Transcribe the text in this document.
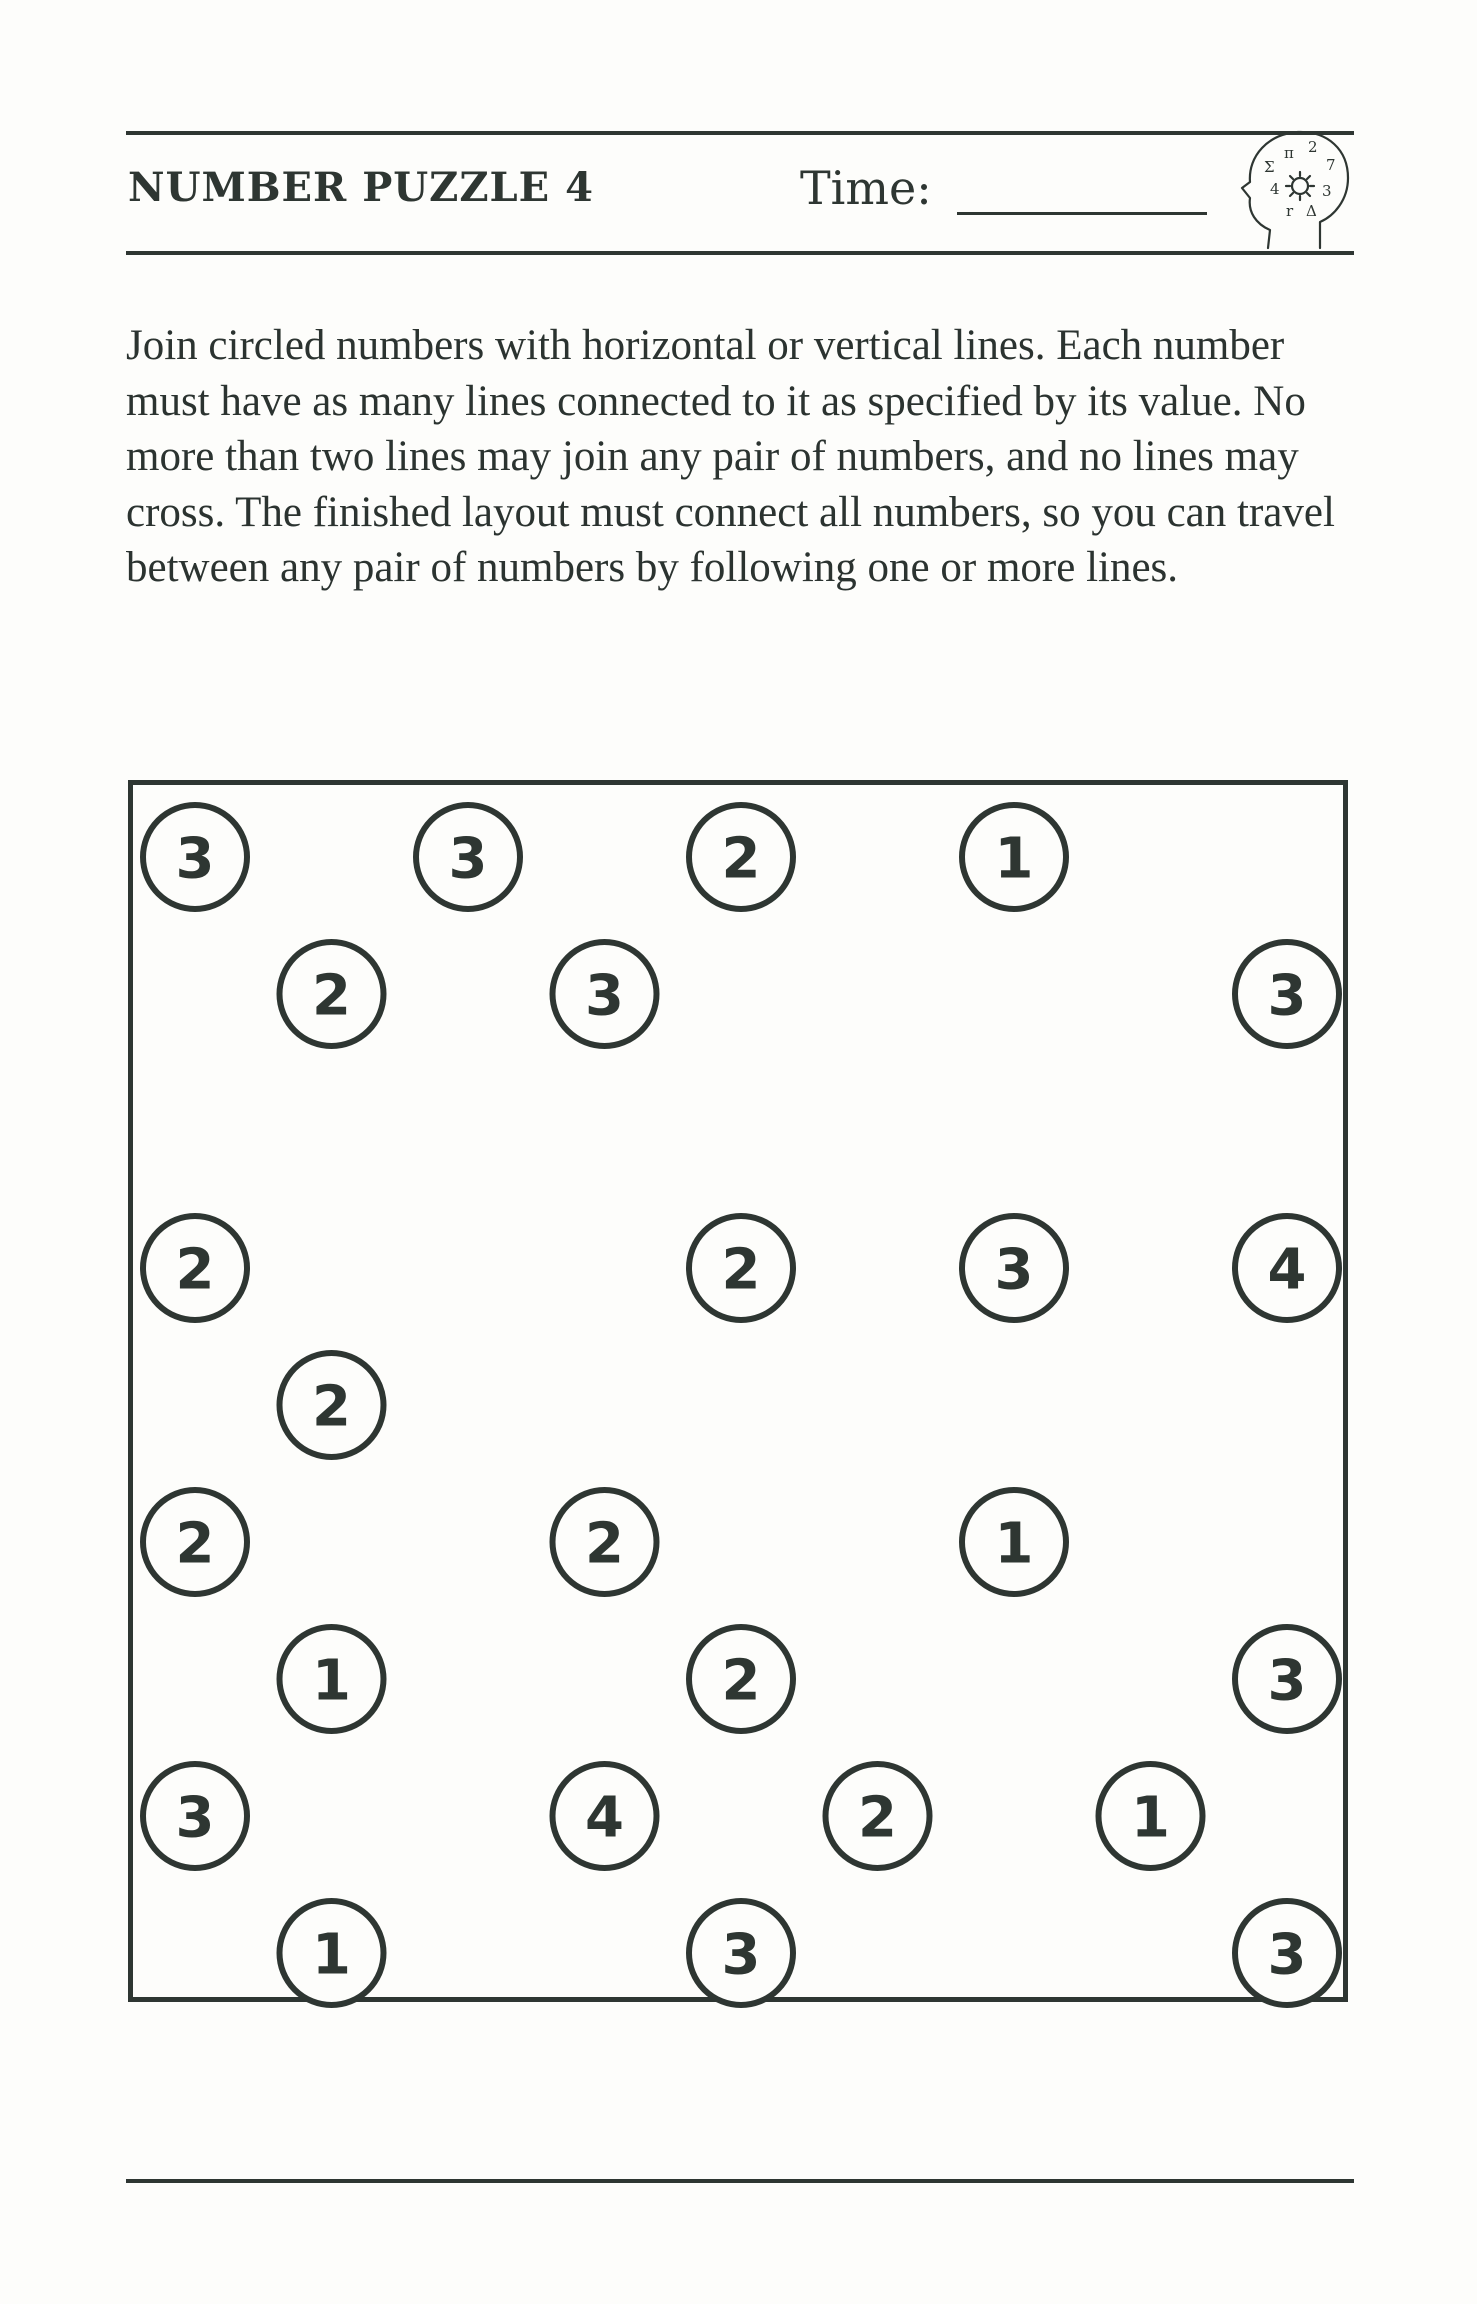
NUMBER PUZZLE 4	Time:
π 2
Σ	7
4	3
r Δ

Join circled numbers with horizontal or vertical lines. Each number must have as many lines connected to it as specified by its value. No more than two lines may join any pair of numbers, and no lines may cross. The finished layout must connect all numbers, so you can travel between any pair of numbers by following one or more lines.

3	3	2	1
2	3	3
2	2	3	4
2
2	2	1
1	2	3
3	4	2	1
1	3	3
